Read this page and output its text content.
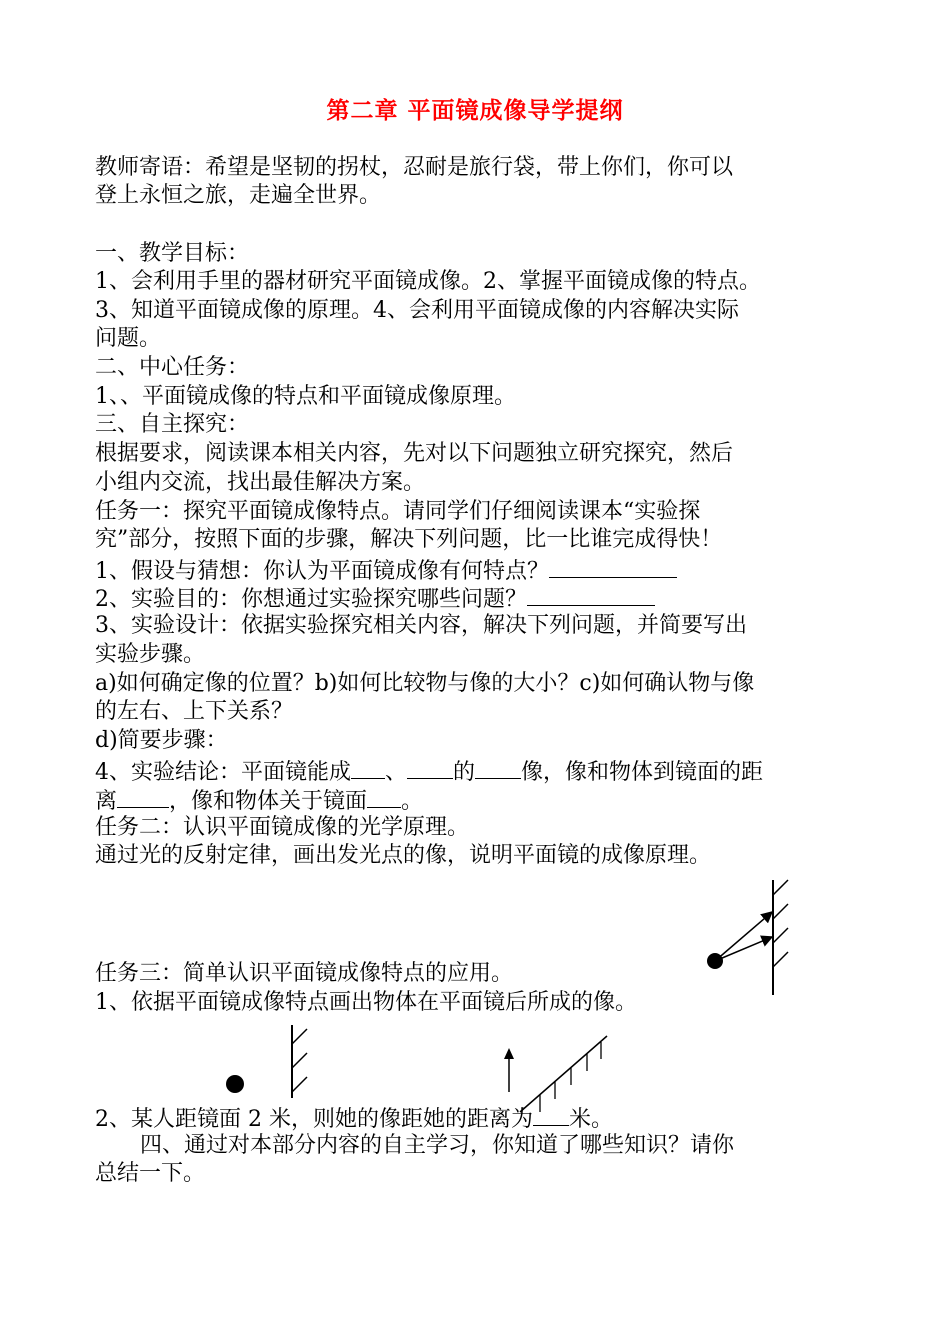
第二章 平面镜成像导学提纲
教师寄语：希望是坚韧的拐杖，忍耐是旅行袋，带上你们，你可以
登上永恒之旅，走遍全世界。
一、教学目标：
1、会利用手里的器材研究平面镜成像。2、掌握平面镜成像的特点。
3、知道平面镜成像的原理。4、会利用平面镜成像的内容解决实际
问题。
二、中心任务：
1、、平面镜成像的特点和平面镜成像原理。
三、自主探究：
根据要求，阅读课本相关内容，先对以下问题独立研究探究，然后
小组内交流，找出最佳解决方案。
任务一：探究平面镜成像特点。请同学们仔细阅读课本“实验探
究”部分，按照下面的步骤，解决下列问题，比一比谁完成得快！
1、假设与猜想：你认为平面镜成像有何特点？
2、实验目的：你想通过实验探究哪些问题？
3、实验设计：依据实验探究相关内容，解决下列问题，并简要写出
实验步骤。
a)如何确定像的位置？b)如何比较物与像的大小？c)如何确认物与像
的左右、上下关系？
d)简要步骤：
4、实验结论：平面镜能成 、 的 像，像和物体到镜面的距
离 ，像和物体关于镜面 。
任务二：认识平面镜成像的光学原理。
通过光的反射定律，画出发光点的像，说明平面镜的成像原理。
任务三：简单认识平面镜成像特点的应用。
1、依据平面镜成像特点画出物体在平面镜后所成的像。
2、某人距镜面 2 米，则她的像距她的距离为 米。
四、通过对本部分内容的自主学习，你知道了哪些知识？请你
总结一下。
